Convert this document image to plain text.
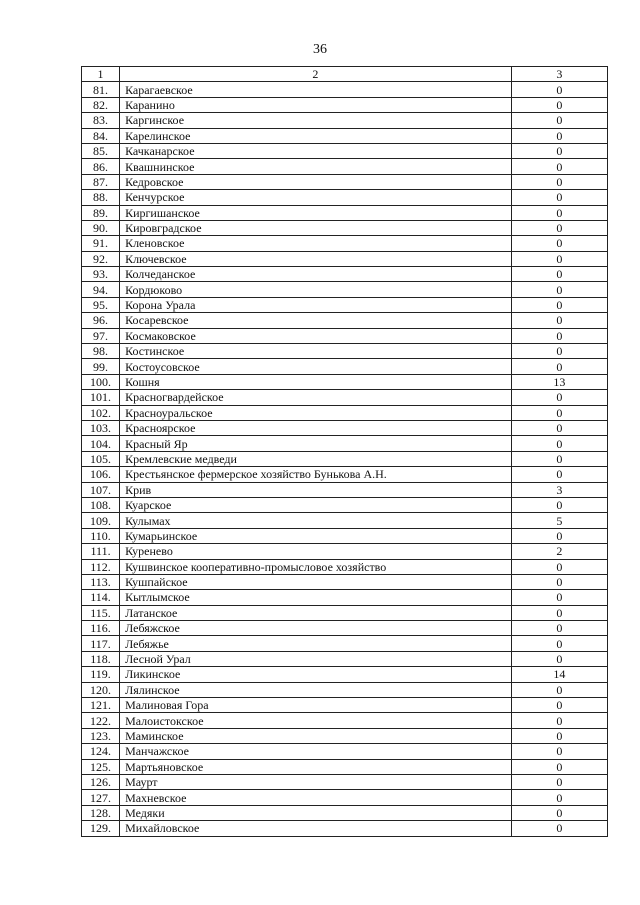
36
1	2	3
81.	Карагаевское	0
82.	Каранино	0
83.	Каргинское	0
84.	Карелинское	0
85.	Качканарское	0
86.	Квашнинское	0
87.	Кедровское	0
88.	Кенчурское	0
89.	Киргишанское	0
90.	Кировградское	0
91.	Кленовское	0
92.	Ключевское	0
93.	Колчеданское	0
94.	Кордюково	0
95.	Корона Урала	0
96.	Косаревское	0
97.	Космаковское	0
98.	Костинское	0
99.	Костоусовское	0
100.	Кошня	13
101.	Красногвардейское	0
102.	Красноуральское	0
103.	Красноярское	0
104.	Красный Яр	0
105.	Кремлевские медведи	0
106.	Крестьянское фермерское хозяйство Бунькова А.Н.	0
107.	Крив	3
108.	Куарское	0
109.	Кулымах	5
110.	Кумарьинское	0
111.	Куренево	2
112.	Кушвинское кооперативно-промысловое хозяйство	0
113.	Кушпайское	0
114.	Кытлымское	0
115.	Латанское	0
116.	Лебяжское	0
117.	Лебяжье	0
118.	Лесной Урал	0
119.	Ликинское	14
120.	Лялинское	0
121.	Малиновая Гора	0
122.	Малоистокское	0
123.	Маминское	0
124.	Манчажское	0
125.	Мартьяновское	0
126.	Маурт	0
127.	Махневское	0
128.	Медяки	0
129.	Михайловское	0
